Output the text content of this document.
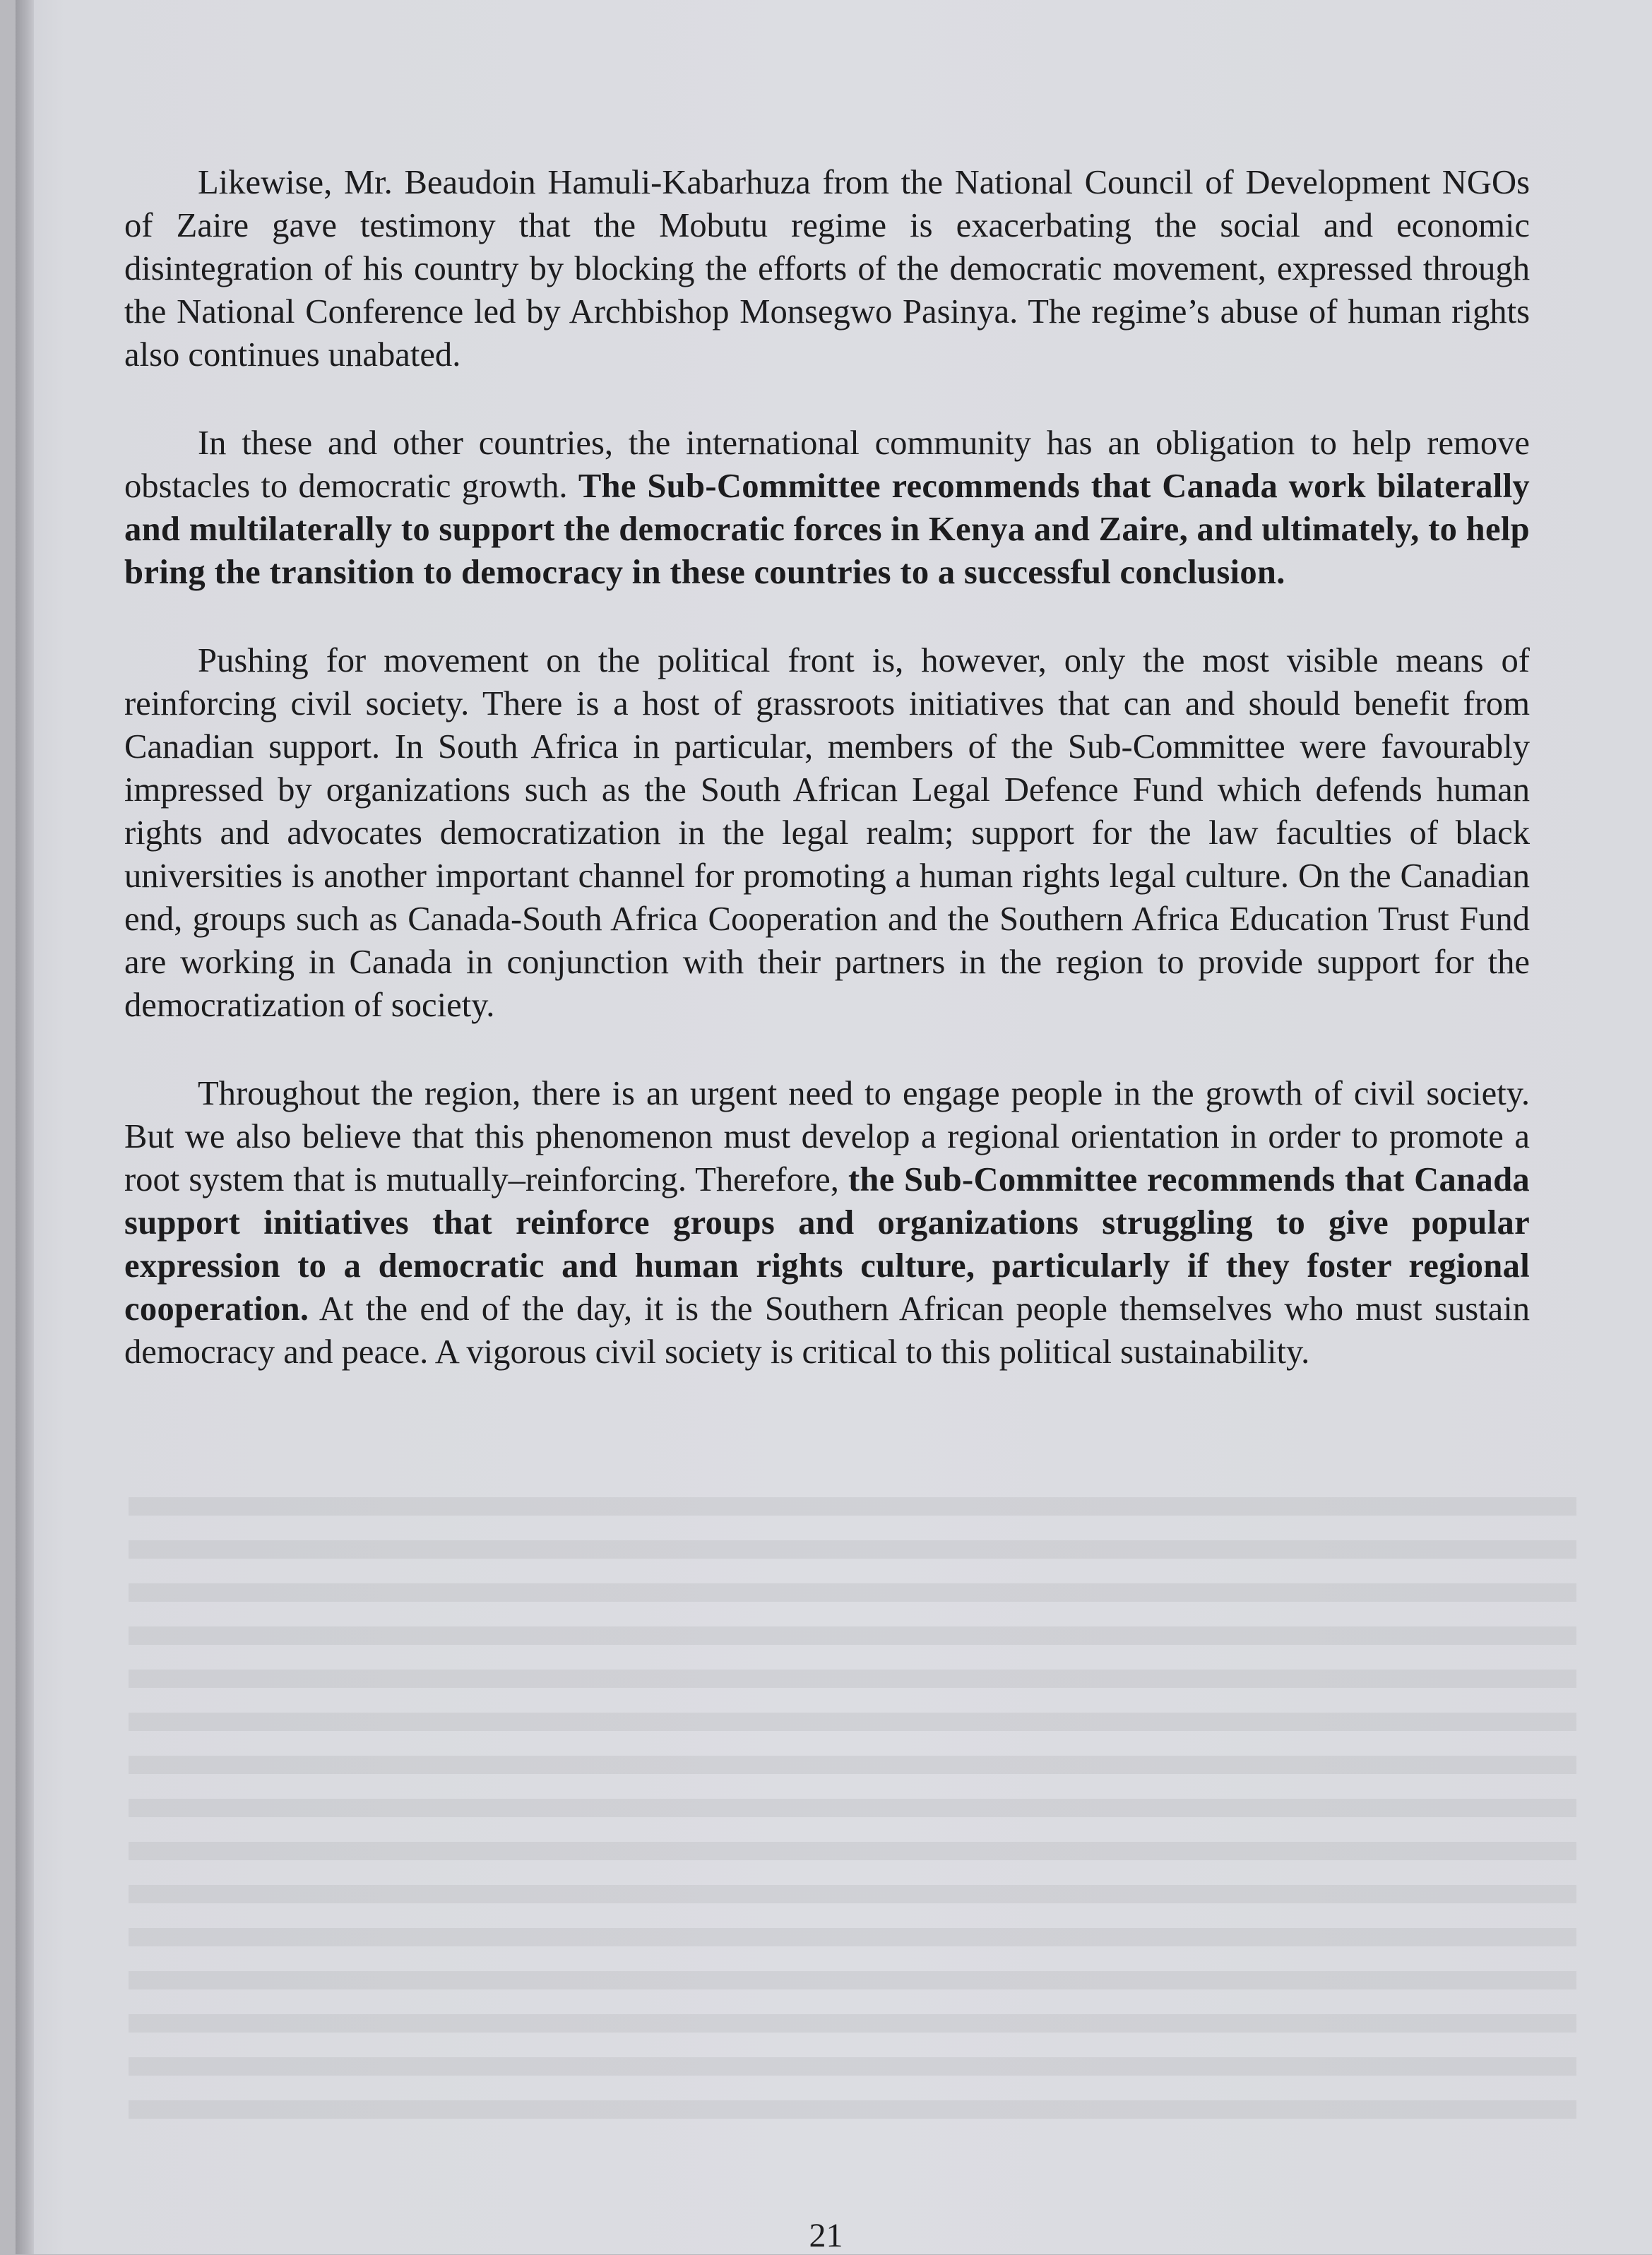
Likewise, Mr. Beaudoin Hamuli-Kabarhuza from the National Council of Development NGOs of Zaire gave testimony that the Mobutu regime is exacerbating the social and economic disintegration of his country by blocking the efforts of the democratic movement, expressed through the National Conference led by Archbishop Monsegwo Pasinya. The regime’s abuse of human rights also continues unabated.

In these and other countries, the international community has an obligation to help remove obstacles to democratic growth. The Sub-Committee recommends that Canada work bilaterally and multilaterally to support the democratic forces in Kenya and Zaire, and ultimately, to help bring the transition to democracy in these countries to a successful conclusion.

Pushing for movement on the political front is, however, only the most visible means of reinforcing civil society. There is a host of grassroots initiatives that can and should benefit from Canadian support. In South Africa in particular, members of the Sub-Committee were favourably impressed by organizations such as the South African Legal Defence Fund which defends human rights and advocates democratization in the legal realm; support for the law faculties of black universities is another important channel for promoting a human rights legal culture. On the Canadian end, groups such as Canada-South Africa Cooperation and the Southern Africa Education Trust Fund are working in Canada in conjunction with their partners in the region to provide support for the democratization of society.

Throughout the region, there is an urgent need to engage people in the growth of civil society. But we also believe that this phenomenon must develop a regional orientation in order to promote a root system that is mutually–reinforcing. Therefore, the Sub-Committee recommends that Canada support initiatives that reinforce groups and organizations struggling to give popular expression to a democratic and human rights culture, particularly if they foster regional cooperation. At the end of the day, it is the Southern African people themselves who must sustain democracy and peace. A vigorous civil society is critical to this political sustainability.

21
